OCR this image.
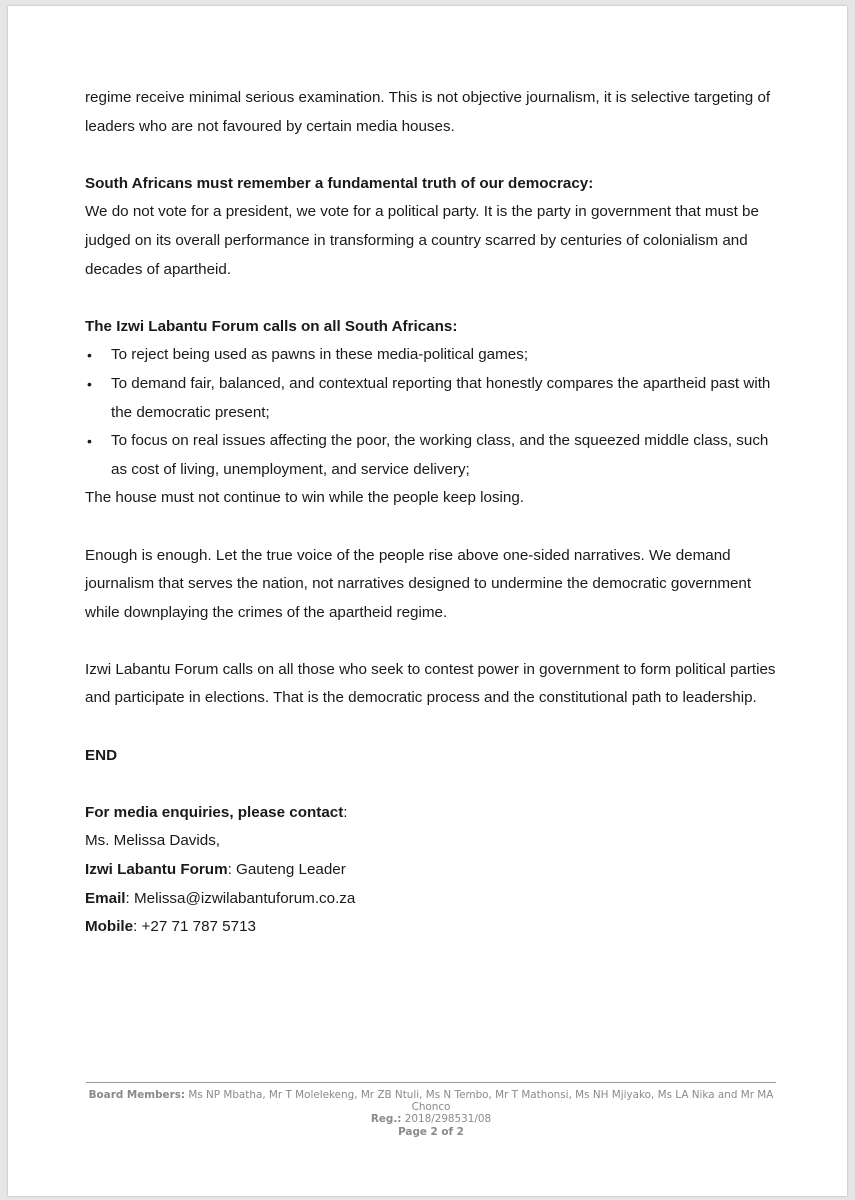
regime receive minimal serious examination. This is not objective journalism, it is selective targeting of leaders who are not favoured by certain media houses.

South Africans must remember a fundamental truth of our democracy:

We do not vote for a president, we vote for a political party. It is the party in government that must be judged on its overall performance in transforming a country scarred by centuries of colonialism and decades of apartheid.

The Izwi Labantu Forum calls on all South Africans:

• To reject being used as pawns in these media-political games;
• To demand fair, balanced, and contextual reporting that honestly compares the apartheid past with the democratic present;
• To focus on real issues affecting the poor, the working class, and the squeezed middle class, such as cost of living, unemployment, and service delivery;

The house must not continue to win while the people keep losing.

Enough is enough. Let the true voice of the people rise above one-sided narratives. We demand journalism that serves the nation, not narratives designed to undermine the democratic government while downplaying the crimes of the apartheid regime.

Izwi Labantu Forum calls on all those who seek to contest power in government to form political parties and participate in elections. That is the democratic process and the constitutional path to leadership.

END

For media enquiries, please contact:
Ms. Melissa Davids,
Izwi Labantu Forum: Gauteng Leader
Email: Melissa@izwilabantuforum.co.za
Mobile: +27 71 787 5713
Board Members: Ms NP Mbatha, Mr T Molelekeng, Mr ZB Ntuli, Ms N Tembo, Mr T Mathonsi, Ms NH Mjiyako, Ms LA Nika and Mr MA Chonco
Reg.: 2018/298531/08
Page 2 of 2
